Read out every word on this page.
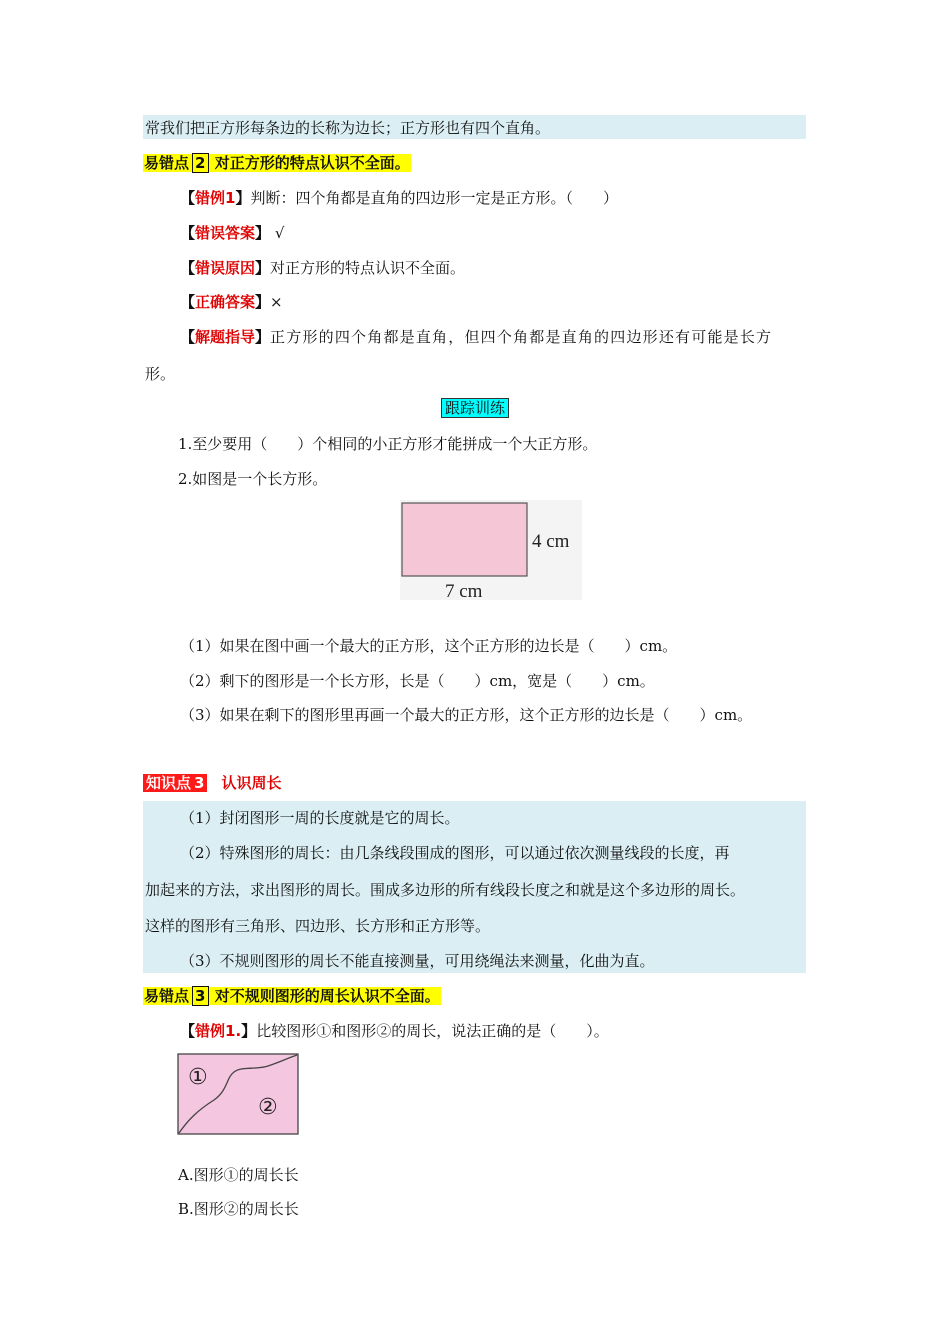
常我们把正方形每条边的长称为边长；正方形也有四个直角。
易错点 2 对正方形的特点认识不全面。
【错例1】判断：四个角都是直角的四边形一定是正方形。（　　）
【错误答案】 √
【错误原因】对正方形的特点认识不全面。
【正确答案】×
【解题指导】正方形的四个角都是直角，但四个角都是直角的四边形还有可能是长方
形。
跟踪训练
1.至少要用（　　）个相同的小正方形才能拼成一个大正方形。
2.如图是一个长方形。
4 cm
7 cm
（1）如果在图中画一个最大的正方形，这个正方形的边长是（　　）cm。
（2）剩下的图形是一个长方形，长是（　　）cm，宽是（　　）cm。
（3）如果在剩下的图形里再画一个最大的正方形，这个正方形的边长是（　　）cm。
知识点 3 认识周长
（1）封闭图形一周的长度就是它的周长。
（2）特殊图形的周长：由几条线段围成的图形，可以通过依次测量线段的长度，再
加起来的方法，求出图形的周长。围成多边形的所有线段长度之和就是这个多边形的周长。
这样的图形有三角形、四边形、长方形和正方形等。
（3）不规则图形的周长不能直接测量，可用绕绳法来测量，化曲为直。
易错点 3 对不规则图形的周长认识不全面。
【错例1.】比较图形①和图形②的周长，说法正确的是（　　）。
①
②
A.图形①的周长长
B.图形②的周长长
